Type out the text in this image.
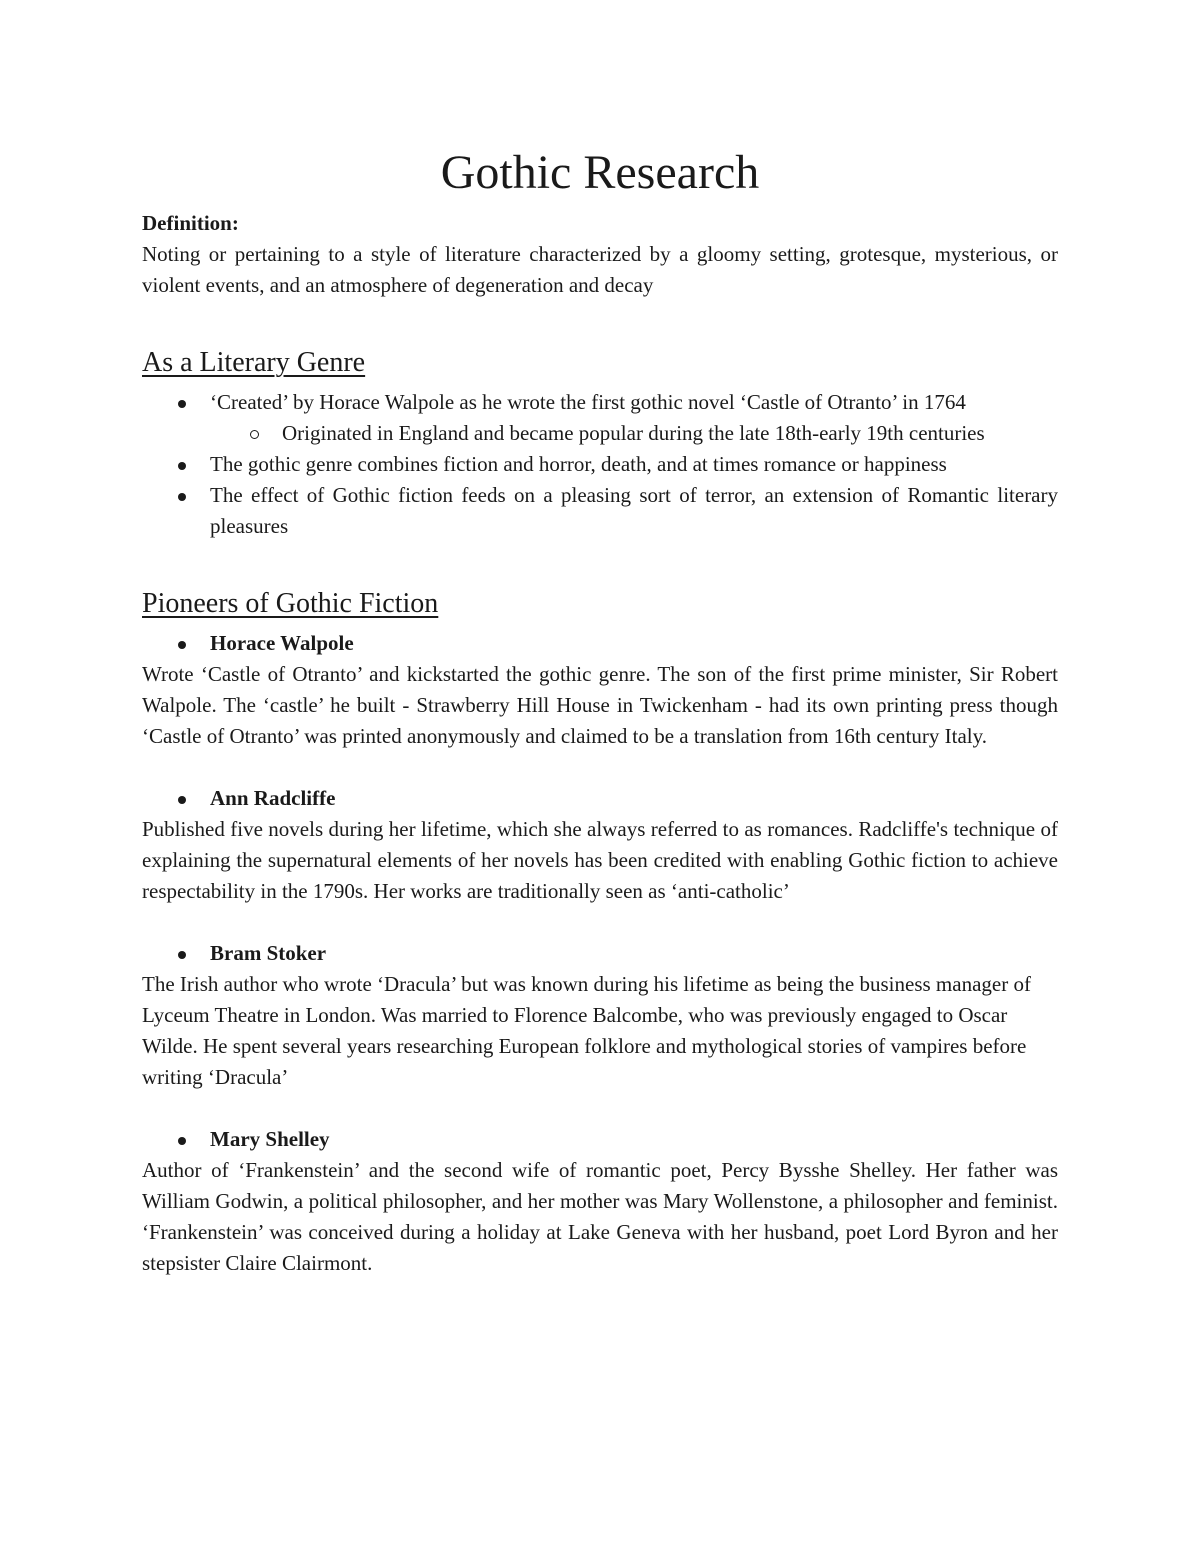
Gothic Research
Definition:

Noting or pertaining to a style of literature characterized by a gloomy setting, grotesque, mysterious, or violent events, and an atmosphere of degeneration and decay

As a Literary Genre
‘Created’ by Horace Walpole as he wrote the first gothic novel ‘Castle of Otranto’ in 1764
Originated in England and became popular during the late 18th-early 19th centuries
The gothic genre combines fiction and horror, death, and at times romance or happiness
The effect of Gothic fiction feeds on a pleasing sort of terror, an extension of Romantic literary pleasures
Pioneers of Gothic Fiction
Horace Walpole

Wrote ‘Castle of Otranto’ and kickstarted the gothic genre. The son of the first prime minister, Sir Robert Walpole. The ‘castle’ he built - Strawberry Hill House in Twickenham - had its own printing press though ‘Castle of Otranto’ was printed anonymously and claimed to be a translation from 16th century Italy.

Ann Radcliffe

Published five novels during her lifetime, which she always referred to as romances. Radcliffe's technique of explaining the supernatural elements of her novels has been credited with enabling Gothic fiction to achieve respectability in the 1790s. Her works are traditionally seen as ‘anti-catholic’

Bram Stoker

The Irish author who wrote ‘Dracula’ but was known during his lifetime as being the business manager of Lyceum Theatre in London. Was married to Florence Balcombe, who was previously engaged to Oscar Wilde. He spent several years researching European folklore and mythological stories of vampires before writing ‘Dracula’

Mary Shelley

Author of ‘Frankenstein’ and the second wife of romantic poet, Percy Bysshe Shelley. Her father was William Godwin, a political philosopher, and her mother was Mary Wollenstone, a philosopher and feminist. ‘Frankenstein’ was conceived during a holiday at Lake Geneva with her husband, poet Lord Byron and her stepsister Claire Clairmont.
